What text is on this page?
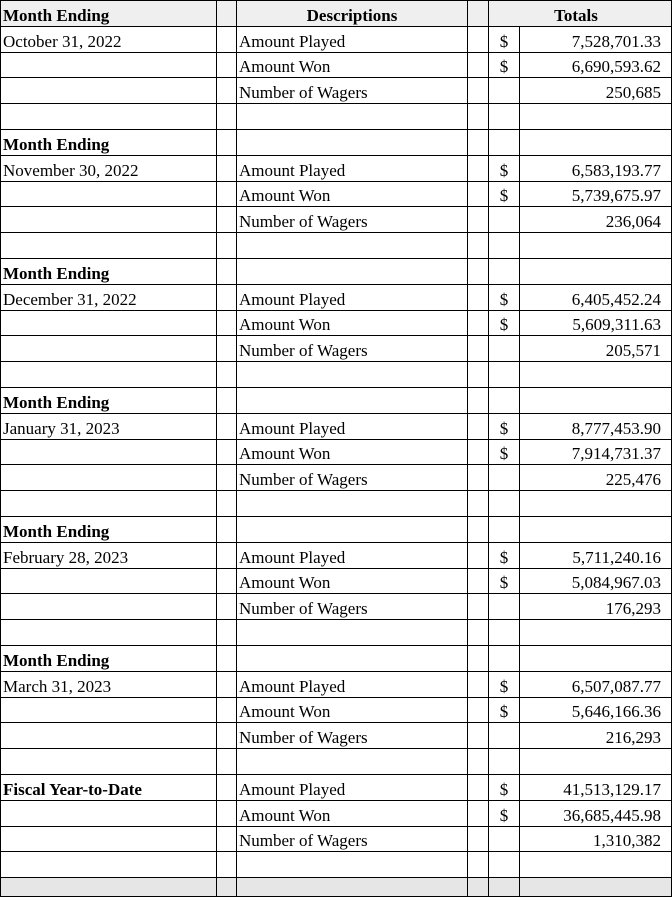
Month Ending		Descriptions		Totals	
October 31, 2022		Amount Played		$	7,528,701.33
		Amount Won		$	6,690,593.62
		Number of Wagers			250,685

Month Ending					
November 30, 2022		Amount Played		$	6,583,193.77
		Amount Won		$	5,739,675.97
		Number of Wagers			236,064

Month Ending					
December 31, 2022		Amount Played		$	6,405,452.24
		Amount Won		$	5,609,311.63
		Number of Wagers			205,571

Month Ending					
January 31, 2023		Amount Played		$	8,777,453.90
		Amount Won		$	7,914,731.37
		Number of Wagers			225,476

Month Ending					
February 28, 2023		Amount Played		$	5,711,240.16
		Amount Won		$	5,084,967.03
		Number of Wagers			176,293

Month Ending					
March 31, 2023		Amount Played		$	6,507,087.77
		Amount Won		$	5,646,166.36
		Number of Wagers			216,293

Fiscal Year-to-Date		Amount Played		$	41,513,129.17
		Amount Won		$	36,685,445.98
		Number of Wagers			1,310,382
